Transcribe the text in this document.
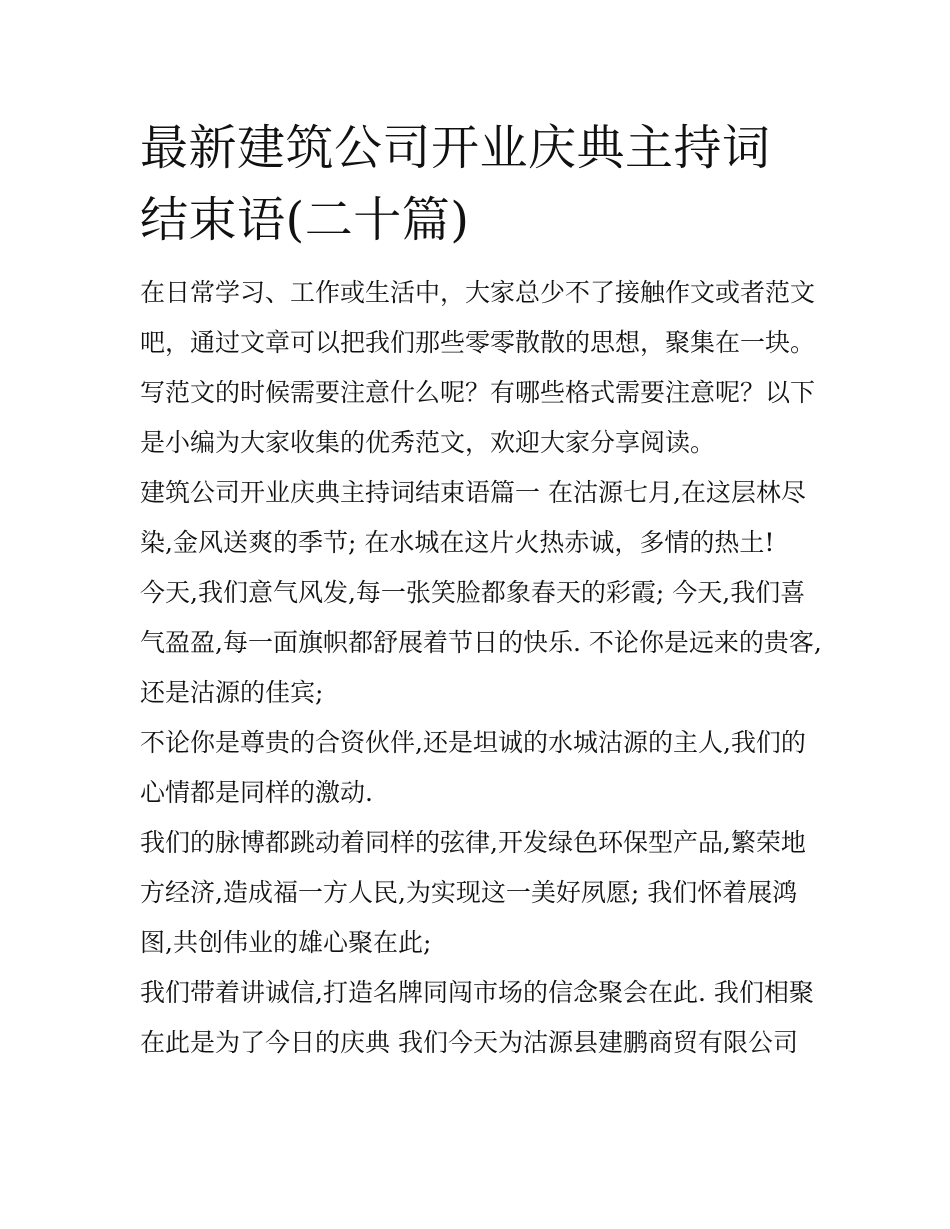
最新建筑公司开业庆典主持词
结束语(二十篇)
在日常学习、工作或生活中，大家总少不了接触作文或者范文
吧，通过文章可以把我们那些零零散散的思想，聚集在一块。
写范文的时候需要注意什么呢？有哪些格式需要注意呢？以下
是小编为大家收集的优秀范文，欢迎大家分享阅读。
建筑公司开业庆典主持词结束语篇一 在沽源七月,在这层林尽
染,金风送爽的季节; 在水城在这片火热赤诚，多情的热土!
今天,我们意气风发,每一张笑脸都象春天的彩霞; 今天,我们喜
气盈盈,每一面旗帜都舒展着节日的快乐. 不论你是远来的贵客,
还是沽源的佳宾;
不论你是尊贵的合资伙伴,还是坦诚的水城沽源的主人,我们的
心情都是同样的激动.
我们的脉博都跳动着同样的弦律,开发绿色环保型产品,繁荣地
方经济,造成福一方人民,为实现这一美好夙愿; 我们怀着展鸿
图,共创伟业的雄心聚在此;
我们带着讲诚信,打造名牌同闯市场的信念聚会在此. 我们相聚
在此是为了今日的庆典 我们今天为沽源县建鹏商贸有限公司
